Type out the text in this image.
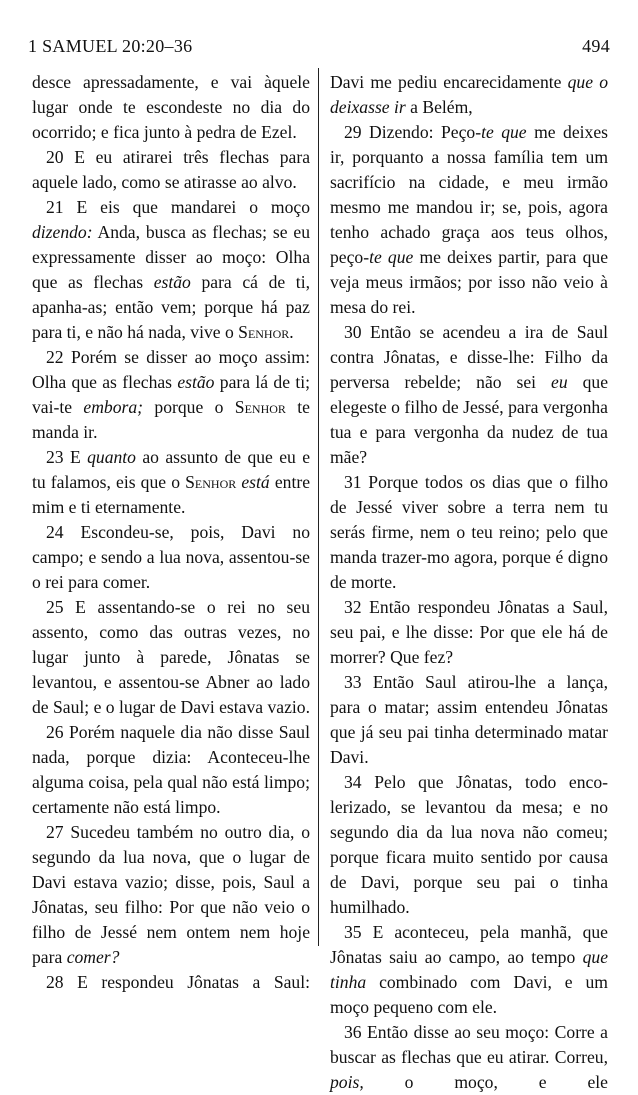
1 SAMUEL 20:20–36	494

desce apressadamente, e vai àquele lugar onde te escondeste no dia do ocorrido; e fica junto à pedra de Ezel.

20 E eu atirarei três flechas para aquele lado, como se atirasse ao alvo.

21 E eis que mandarei o moço dizendo: Anda, busca as flechas; se eu expressamente disser ao moço: Olha que as flechas estão para cá de ti, apanha-as; então vem; porque há paz para ti, e não há nada, vive o Senhor.

22 Porém se disser ao moço assim: Olha que as flechas estão para lá de ti; vai-te embora; porque o Senhor te manda ir.

23 E quanto ao assunto de que eu e tu falamos, eis que o Senhor está entre mim e ti eternamente.

24 Escondeu-se, pois, Davi no campo; e sendo a lua nova, assentou-se o rei para comer.

25 E assentando-se o rei no seu assento, como das outras vezes, no lugar junto à parede, Jônatas se levantou, e assentou-se Abner ao lado de Saul; e o lugar de Davi estava vazio.

26 Porém naquele dia não disse Saul nada, porque dizia: Aconteceu-lhe alguma coisa, pela qual não está limpo; certamente não está limpo.

27 Sucedeu também no outro dia, o segundo da lua nova, que o lugar de Davi estava vazio; disse, pois, Saul a Jônatas, seu filho: Por que não veio o filho de Jessé nem ontem nem hoje para comer?

28 E respondeu Jônatas a Saul:

Davi me pediu encarecidamente que o deixasse ir a Belém,

29 Dizendo: Peço-te que me deixes ir, porquanto a nossa família tem um sacrifício na cidade, e meu irmão mesmo me mandou ir; se, pois, agora tenho achado graça aos teus olhos, peço-te que me deixes partir, para que veja meus irmãos; por isso não veio à mesa do rei.

30 Então se acendeu a ira de Saul contra Jônatas, e disse-lhe: Filho da perversa rebelde; não sei eu que elegeste o filho de Jessé, para vergonha tua e para vergonha da nudez de tua mãe?

31 Porque todos os dias que o filho de Jessé viver sobre a terra nem tu serás firme, nem o teu reino; pelo que manda trazer-mo agora, porque é digno de morte.

32 Então respondeu Jônatas a Saul, seu pai, e lhe disse: Por que ele há de morrer? Que fez?

33 Então Saul atirou-lhe a lança, para o matar; assim entendeu Jônatas que já seu pai tinha determinado matar Davi.

34 Pelo que Jônatas, todo encolerizado, se levantou da mesa; e no segundo dia da lua nova não comeu; porque ficara muito sentido por causa de Davi, porque seu pai o tinha humilhado.

35 E aconteceu, pela manhã, que Jônatas saiu ao campo, ao tempo que tinha combinado com Davi, e um moço pequeno com ele.

36 Então disse ao seu moço: Corre a buscar as flechas que eu atirar. Correu, pois, o moço, e ele
